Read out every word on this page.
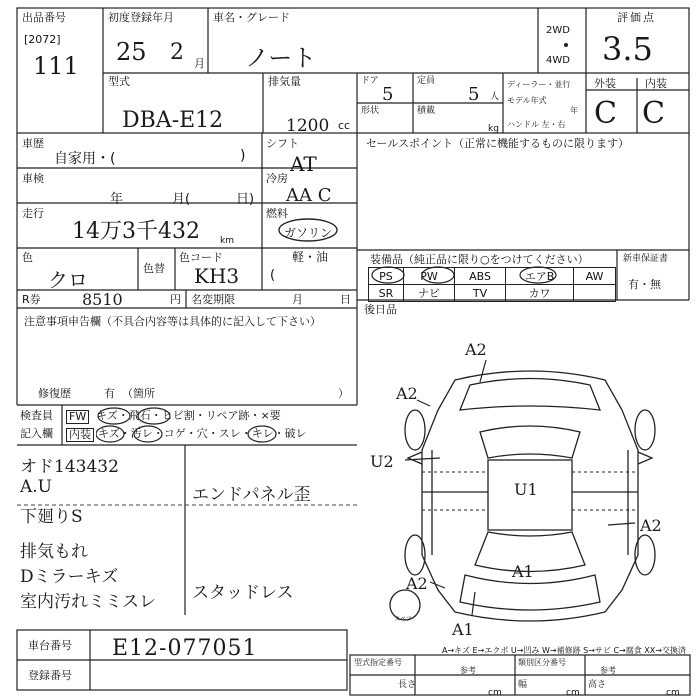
出品番号
[2072]
111
初度登録年月
25 2 月
車名・グレード
ノート
2WD
4WD
評価点
3.5
型式
DBA-E12
排気量
1200 cc
ドア
5
形状
定員
5 人
積載
kg
ディーラー・並行
モデル年式
年
ハンドル 左・右
外装	内装
C C
車歴
自家用・(	)
シフト
AT
セールスポイント（正常に機能するものに限ります）
車検
年	月(	日)
冷房
AA C
走行
14万3千432 km
燃料
ガソリン
軽・油
(
色
クロ	色替
色コード
KH3
R券	8510	円 名変期限	月	日
装備品（純正品に限り○をつけてください）
PS	PW	ABS	エアB	AW
SR	ナビ	TV	カワ	
新車保証書
有・無
後日品
注意事項申告欄（不具合内容等は具体的に記入して下さい）
修復歴	有 （箇所	）
検査員
記入欄
FW キズ・飛石・ヒビ割・リペア跡・×要
内装 キズ・汚レ・コゲ・穴・スレ・キレ・破レ
オド143432
A.U
下廻りS
排気もれ
Dミラーキズ
室内汚れミミスレ
エンドパネル歪
スタッドレス
A2
A2
U2
U1
A2
A1
A2
A1
スペア
車台番号 E12-077051
登録番号
A→キズ E→エクボ U→凹み W→補修跡 S→サビ C→腐食 XX→交換済
型式指定番号
参考
類別区分番号
参考
長さ
cm
幅
cm
高さ
cm
